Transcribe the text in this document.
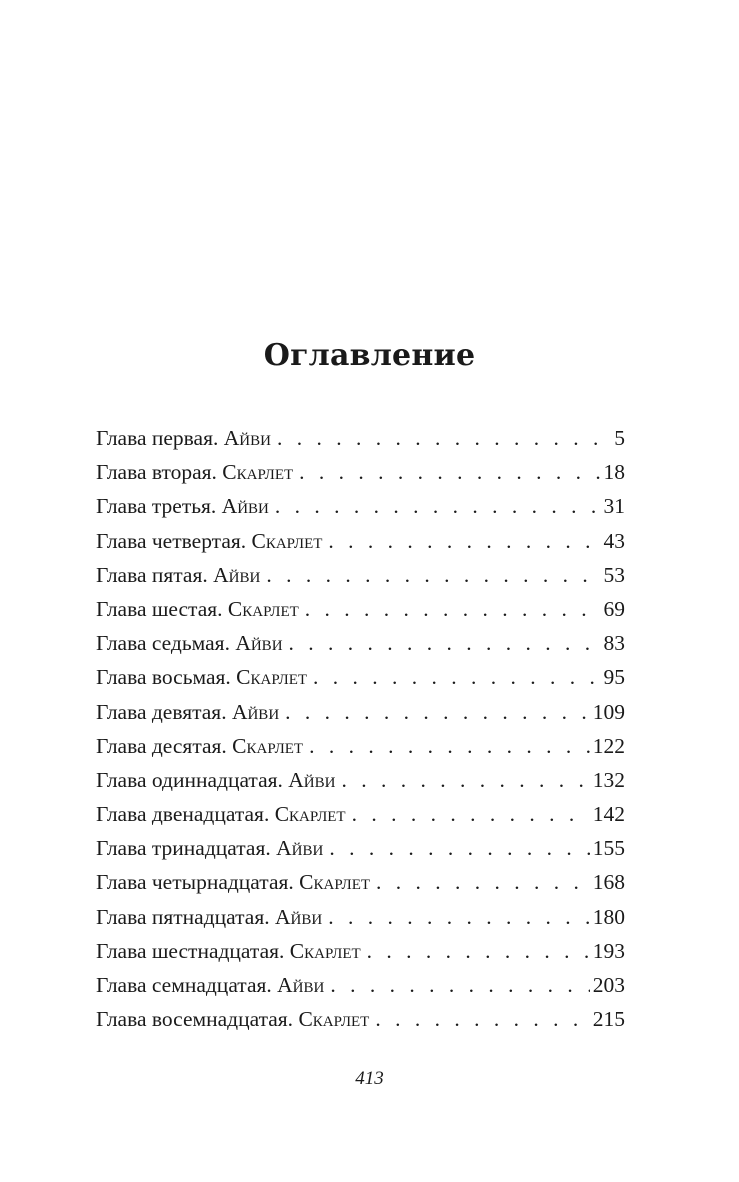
Оглавление
Глава первая. Айви . . .	5
Глава вторая. Скарлет . . .	18
Глава третья. Айви . . .	31
Глава четвертая. Скарлет . . .	43
Глава пятая. Айви . . .	53
Глава шестая. Скарлет . . .	69
Глава седьмая. Айви . . .	83
Глава восьмая. Скарлет . . .	95
Глава девятая. Айви . . .	109
Глава десятая. Скарлет . . .	122
Глава одиннадцатая. Айви . . .	132
Глава двенадцатая. Скарлет . . .	142
Глава тринадцатая. Айви . . .	155
Глава четырнадцатая. Скарлет . . .	168
Глава пятнадцатая. Айви . . .	180
Глава шестнадцатая. Скарлет . . .	193
Глава семнадцатая. Айви . . .	203
Глава восемнадцатая. Скарлет . . .	215
413
